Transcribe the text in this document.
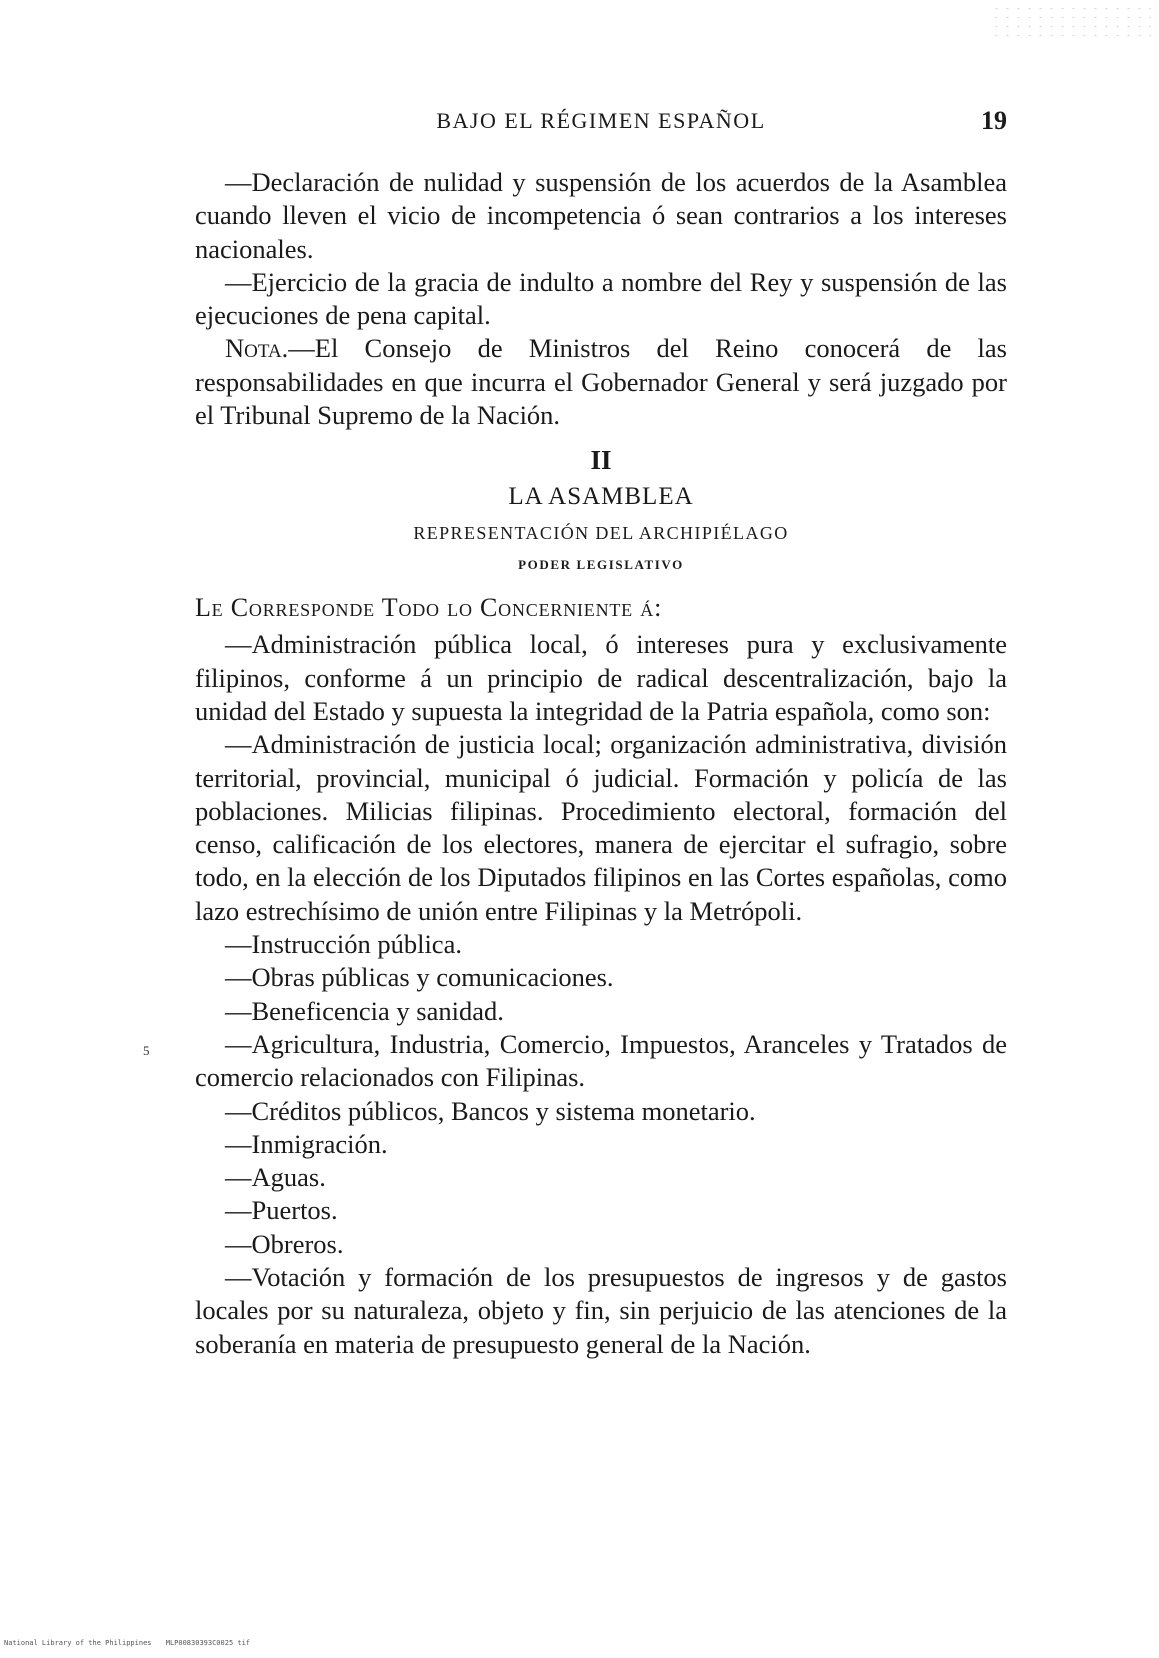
BAJO EL RÉGIMEN ESPAÑOL	19

—Declaración de nulidad y suspensión de los acuerdos de la Asamblea cuando lleven el vicio de incompetencia ó sean contrarios a los intereses nacionales.

—Ejercicio de la gracia de indulto a nombre del Rey y suspensión de las ejecuciones de pena capital.

Nota.—El Consejo de Ministros del Reino conocerá de las responsabilidades en que incurra el Gobernador General y será juzgado por el Tribunal Supremo de la Nación.

II

LA ASAMBLEA

REPRESENTACIÓN DEL ARCHIPIÉLAGO

PODER LEGISLATIVO

Le Corresponde Todo lo Concerniente á:

—Administración pública local, ó intereses pura y exclusivamente filipinos, conforme á un principio de radical descentralización, bajo la unidad del Estado y supuesta la integridad de la Patria española, como son:

—Administración de justicia local; organización administrativa, división territorial, provincial, municipal ó judicial. Formación y policía de las poblaciones. Milicias filipinas. Procedimiento electoral, formación del censo, calificación de los electores, manera de ejercitar el sufragio, sobre todo, en la elección de los Diputados filipinos en las Cortes españolas, como lazo estrechísimo de unión entre Filipinas y la Metrópoli.

—Instrucción pública.

—Obras públicas y comunicaciones.

—Beneficencia y sanidad.

—Agricultura, Industria, Comercio, Impuestos, Aranceles y Tratados de comercio relacionados con Filipinas.

—Créditos públicos, Bancos y sistema monetario.

—Inmigración.

—Aguas.

—Puertos.

—Obreros.

—Votación y formación de los presupuestos de ingresos y de gastos locales por su naturaleza, objeto y fin, sin perjuicio de las atenciones de la soberanía en materia de presupuesto general de la Nación.

5
National Library of the Philippines MLP00830393C0025 tif
